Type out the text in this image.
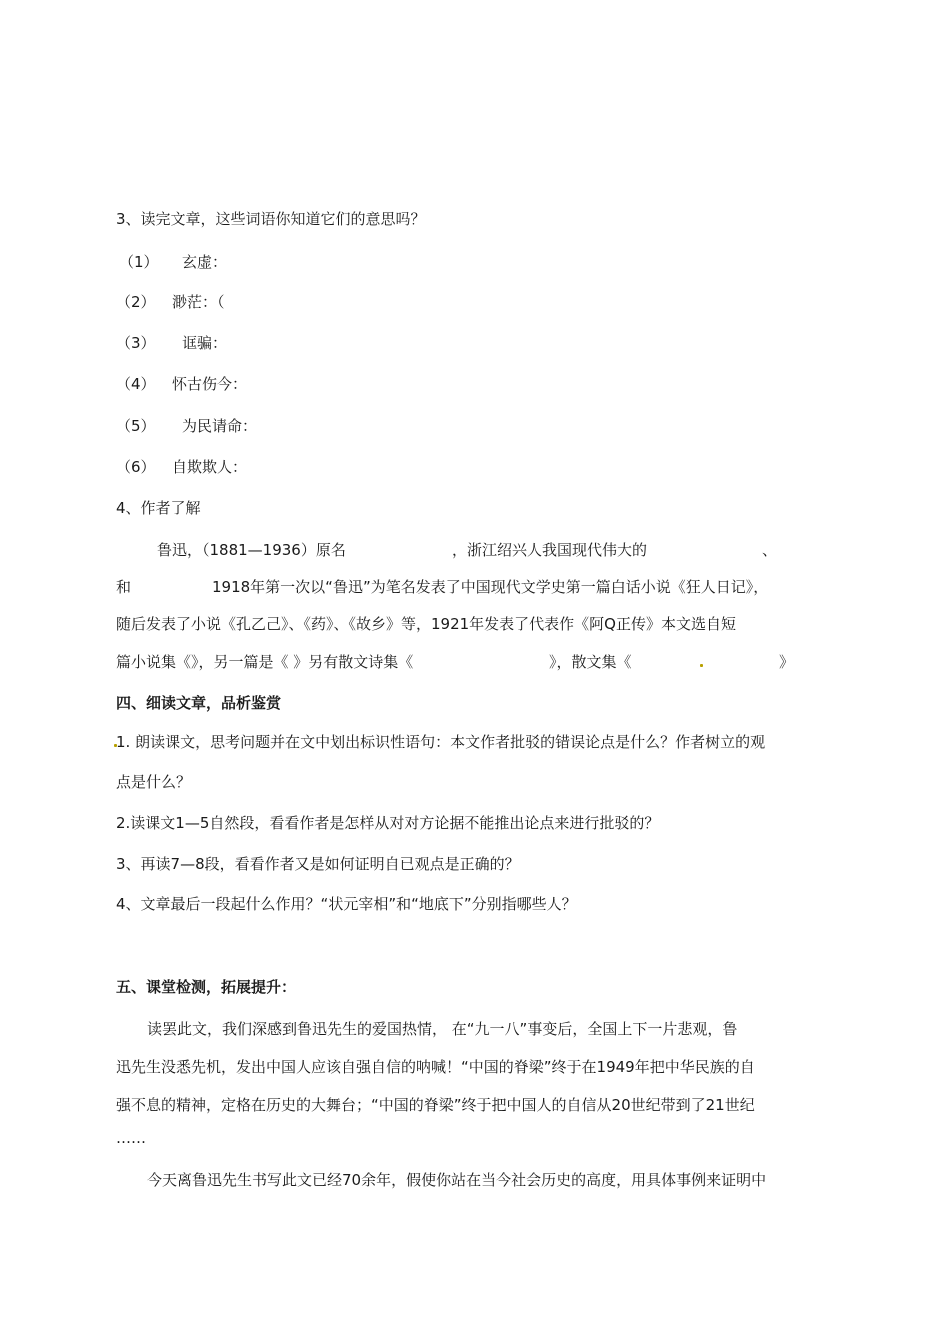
3、读完文章，这些词语你知道它们的意思吗？
（1） 玄虚：
（2） 渺茫：（
（3） 诓骗：
（4） 怀古伤今：
（5） 为民请命：
（6） 自欺欺人：
4、作者了解
鲁迅，（1881—1936）原名	，浙江绍兴人我国现代伟大的	、
和	1918年第一次以“鲁迅”为笔名发表了中国现代文学史第一篇白话小说《狂人日记》，
随后发表了小说《孔乙己》、《药》、《故乡》等，1921年发表了代表作《阿Q正传》本文选自短
篇小说集《》，另一篇是《 》另有散文诗集《	》，散文集《	》
四、细读文章，品析鉴赏
1. 朗读课文，思考问题并在文中划出标识性语句：本文作者批驳的错误论点是什么？作者树立的观
点是什么？
2.读课文1—5自然段，看看作者是怎样从对对方论据不能推出论点来进行批驳的？
3、再读7—8段，看看作者又是如何证明自已观点是正确的？
4、文章最后一段起什么作用？“状元宰相”和“地底下”分别指哪些人？
五、课堂检测，拓展提升：
读罢此文，我们深感到鲁迅先生的爱国热情， 在“九一八”事变后，全国上下一片悲观，鲁
迅先生没悉先机，发出中国人应该自强自信的呐喊！“中国的脊梁”终于在1949年把中华民族的自
强不息的精神，定格在历史的大舞台；“中国的脊梁”终于把中国人的自信从20世纪带到了21世纪
……
今天离鲁迅先生书写此文已经70余年，假使你站在当今社会历史的高度，用具体事例来证明中
